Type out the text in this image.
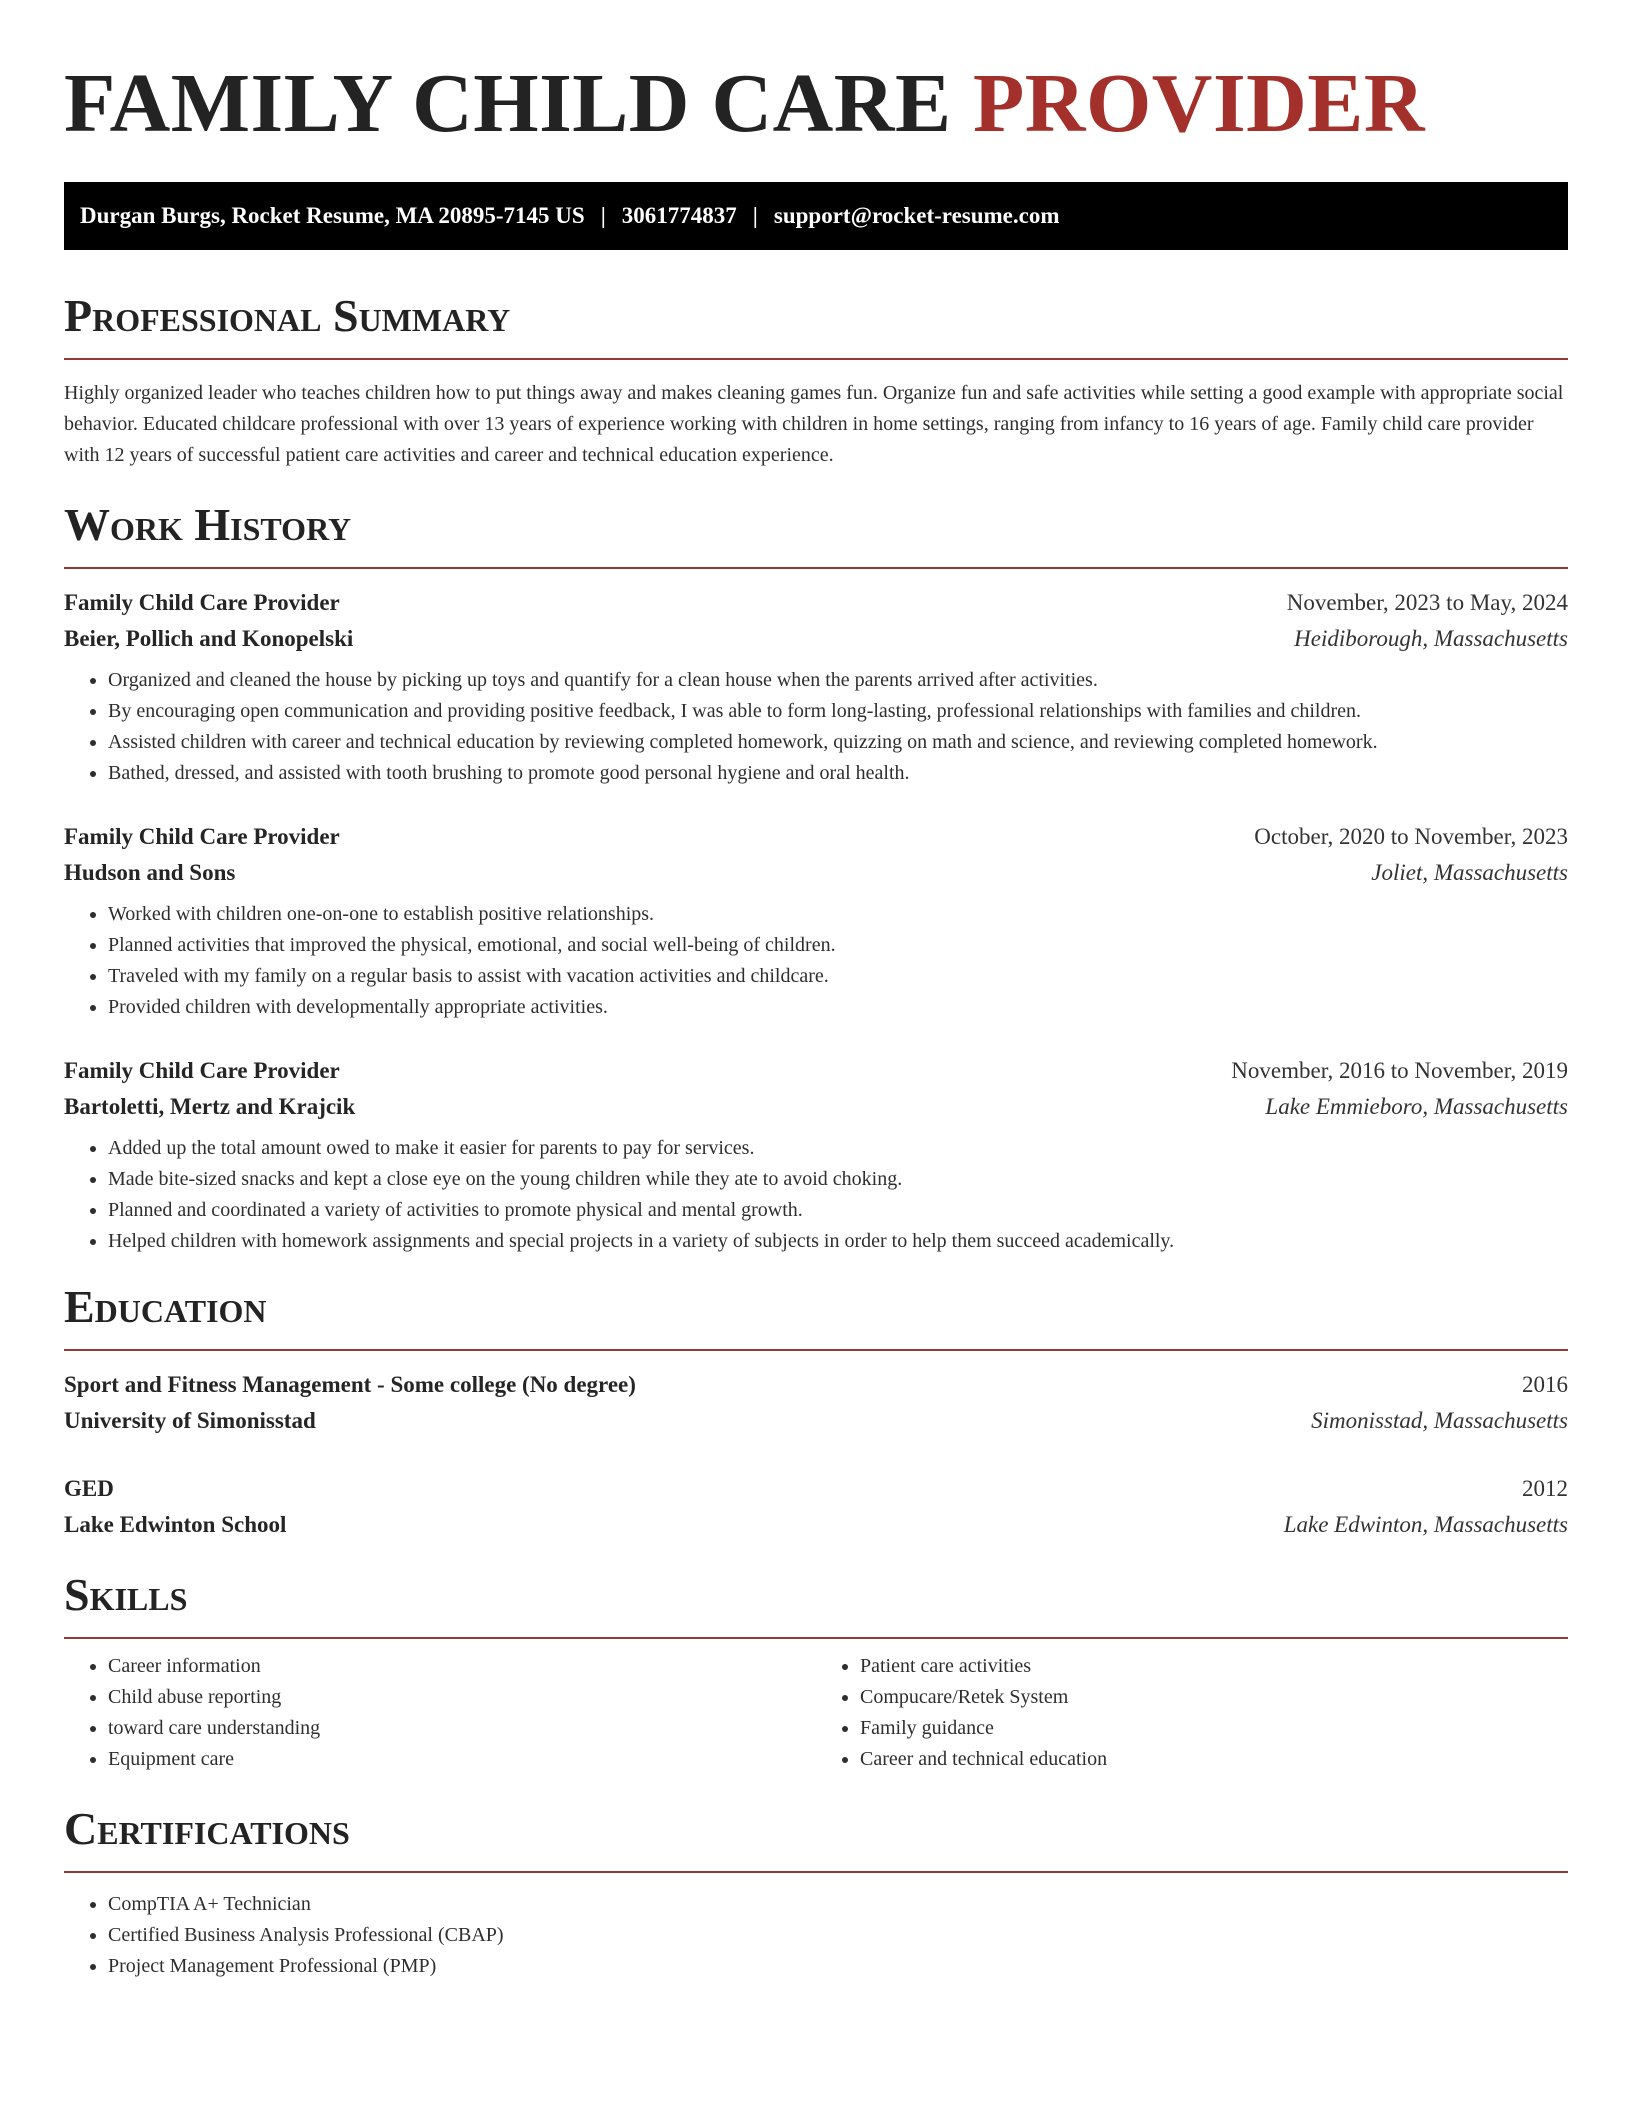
FAMILY CHILD CARE PROVIDER
Durgan Burgs, Rocket Resume, MA 20895-7145 US | 3061774837 | support@rocket-resume.com
Professional Summary

Highly organized leader who teaches children how to put things away and makes cleaning games fun. Organize fun and safe activities while setting a good example with appropriate social behavior. Educated childcare professional with over 13 years of experience working with children in home settings, ranging from infancy to 16 years of age. Family child care provider with 12 years of successful patient care activities and career and technical education experience.

Work History
Family Child Care Provider	November, 2023 to May, 2024
Beier, Pollich and Konopelski	Heidiborough, Massachusetts
• Organized and cleaned the house by picking up toys and quantify for a clean house when the parents arrived after activities.
• By encouraging open communication and providing positive feedback, I was able to form long-lasting, professional relationships with families and children.
• Assisted children with career and technical education by reviewing completed homework, quizzing on math and science, and reviewing completed homework.
• Bathed, dressed, and assisted with tooth brushing to promote good personal hygiene and oral health.
Family Child Care Provider	October, 2020 to November, 2023
Hudson and Sons	Joliet, Massachusetts
• Worked with children one-on-one to establish positive relationships.
• Planned activities that improved the physical, emotional, and social well-being of children.
• Traveled with my family on a regular basis to assist with vacation activities and childcare.
• Provided children with developmentally appropriate activities.
Family Child Care Provider	November, 2016 to November, 2019
Bartoletti, Mertz and Krajcik	Lake Emmieboro, Massachusetts
• Added up the total amount owed to make it easier for parents to pay for services.
• Made bite-sized snacks and kept a close eye on the young children while they ate to avoid choking.
• Planned and coordinated a variety of activities to promote physical and mental growth.
• Helped children with homework assignments and special projects in a variety of subjects in order to help them succeed academically.
Education
Sport and Fitness Management - Some college (No degree)	2016
University of Simonisstad	Simonisstad, Massachusetts
GED	2012
Lake Edwinton School	Lake Edwinton, Massachusetts
Skills
• Career information
• Child abuse reporting
• toward care understanding
• Equipment care
• Patient care activities
• Compucare/Retek System
• Family guidance
• Career and technical education
Certifications
• CompTIA A+ Technician
• Certified Business Analysis Professional (CBAP)
• Project Management Professional (PMP)
